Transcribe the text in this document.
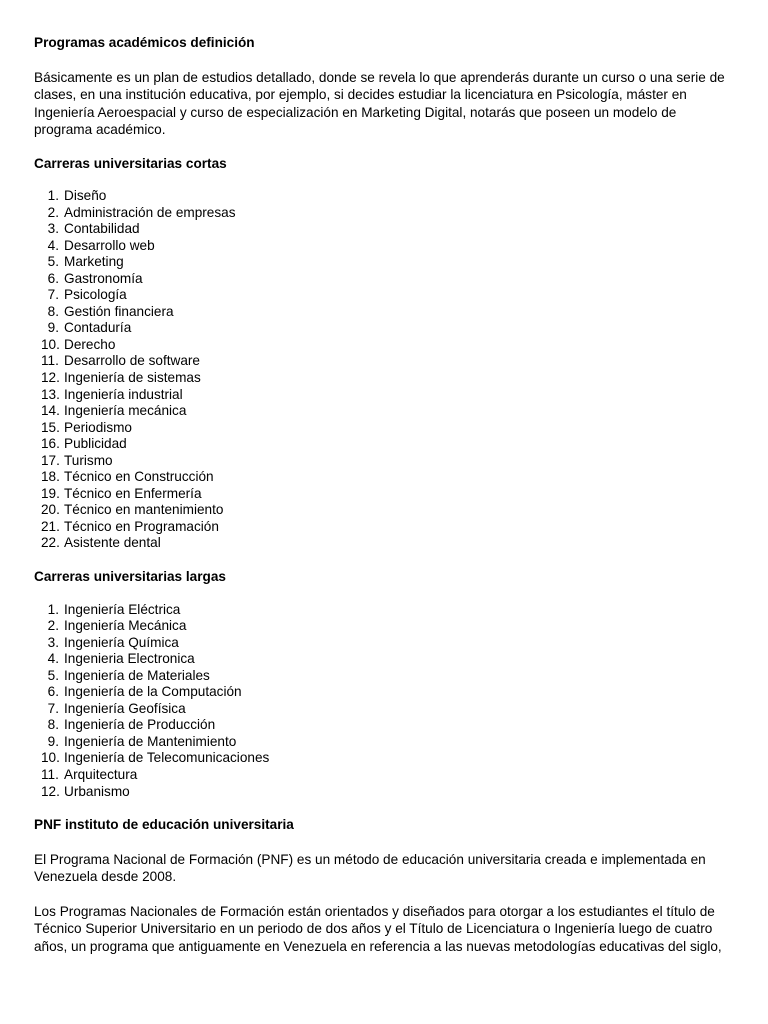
Programas académicos definición

Básicamente es un plan de estudios detallado, donde se revela lo que aprenderás durante un curso o una serie de clases, en una institución educativa, por ejemplo, si decides estudiar la licenciatura en Psicología, máster en Ingeniería Aeroespacial y curso de especialización en Marketing Digital, notarás que poseen un modelo de programa académico.

Carreras universitarias cortas
1. Diseño
2. Administración de empresas
3. Contabilidad
4. Desarrollo web
5. Marketing
6. Gastronomía
7. Psicología
8. Gestión financiera
9. Contaduría
10. Derecho
11. Desarrollo de software
12. Ingeniería de sistemas
13. Ingeniería industrial
14. Ingeniería mecánica
15. Periodismo
16. Publicidad
17. Turismo
18. Técnico en Construcción
19. Técnico en Enfermería
20. Técnico en mantenimiento
21. Técnico en Programación
22. Asistente dental
Carreras universitarias largas
1. Ingeniería Eléctrica
2. Ingeniería Mecánica
3. Ingeniería Química
4. Ingenieria Electronica
5. Ingeniería de Materiales
6. Ingeniería de la Computación
7. Ingeniería Geofísica
8. Ingeniería de Producción
9. Ingeniería de Mantenimiento
10. Ingeniería de Telecomunicaciones
11. Arquitectura
12. Urbanismo
PNF instituto de educación universitaria

El Programa Nacional de Formación (PNF) es un método de educación universitaria creada e implementada en Venezuela desde 2008.

Los Programas Nacionales de Formación están orientados y diseñados para otorgar a los estudiantes el título de Técnico Superior Universitario en un periodo de dos años y el Título de Licenciatura o Ingeniería luego de cuatro años, un programa que antiguamente en Venezuela en referencia a las nuevas metodologías educativas del siglo,
